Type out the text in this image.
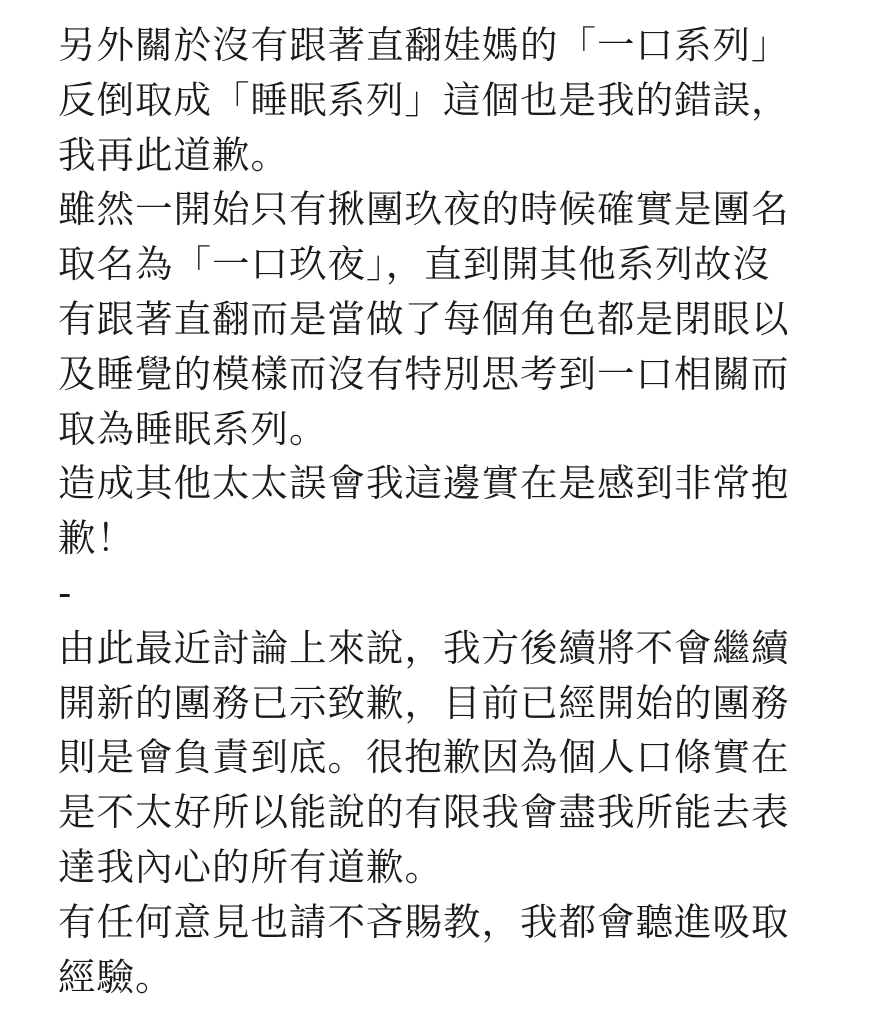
另外關於沒有跟著直翻娃媽的「一口系列」
反倒取成「睡眠系列」這個也是我的錯誤，
我再此道歉。
雖然一開始只有揪團玖夜的時候確實是團名
取名為「一口玖夜」，直到開其他系列故沒
有跟著直翻而是當做了每個角色都是閉眼以
及睡覺的模樣而沒有特別思考到一口相關而
取為睡眠系列。
造成其他太太誤會我這邊實在是感到非常抱
歉！
-
由此最近討論上來說，我方後續將不會繼續
開新的團務已示致歉，目前已經開始的團務
則是會負責到底。很抱歉因為個人口條實在
是不太好所以能說的有限我會盡我所能去表
達我內心的所有道歉。
有任何意見也請不吝賜教，我都會聽進吸取
經驗。
